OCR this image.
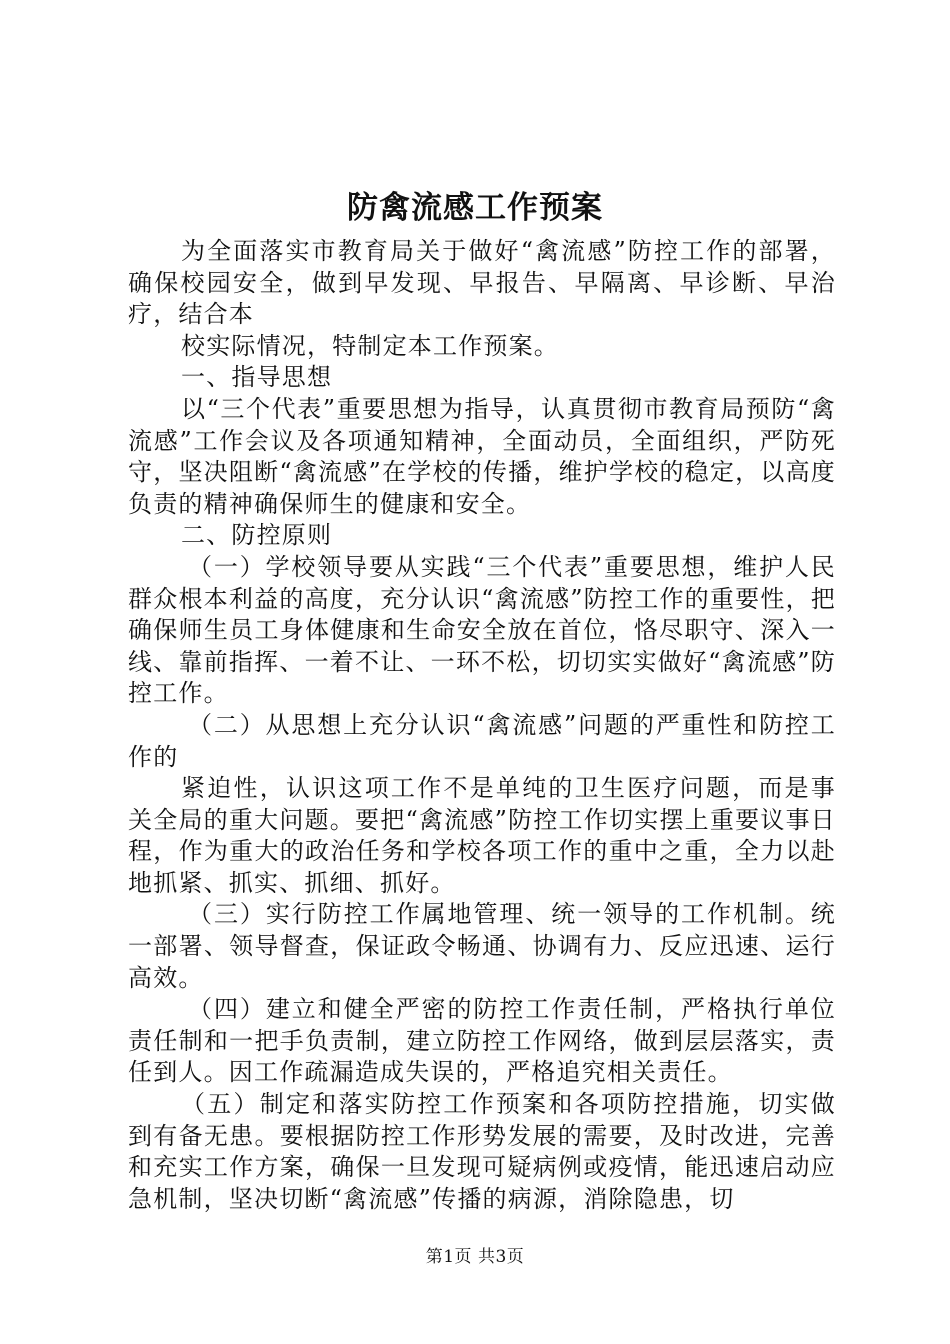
防禽流感工作预案

为全面落实市教育局关于做好“禽流感”防控工作的部署，确保校园安全，做到早发现、早报告、早隔离、早诊断、早治疗，结合本

校实际情况，特制定本工作预案。

一、指导思想

以“三个代表”重要思想为指导，认真贯彻市教育局预防“禽流感”工作会议及各项通知精神，全面动员，全面组织，严防死守，坚决阻断“禽流感”在学校的传播，维护学校的稳定，以高度负责的精神确保师生的健康和安全。

二、防控原则

（一）学校领导要从实践“三个代表”重要思想，维护人民群众根本利益的高度，充分认识“禽流感”防控工作的重要性，把确保师生员工身体健康和生命安全放在首位，恪尽职守、深入一线、靠前指挥、一着不让、一环不松，切切实实做好“禽流感”防控工作。

（二）从思想上充分认识“禽流感”问题的严重性和防控工作的

紧迫性，认识这项工作不是单纯的卫生医疗问题，而是事关全局的重大问题。要把“禽流感”防控工作切实摆上重要议事日程，作为重大的政治任务和学校各项工作的重中之重，全力以赴地抓紧、抓实、抓细、抓好。

（三）实行防控工作属地管理、统一领导的工作机制。统一部署、领导督查，保证政令畅通、协调有力、反应迅速、运行高效。

（四）建立和健全严密的防控工作责任制，严格执行单位责任制和一把手负责制，建立防控工作网络，做到层层落实，责任到人。因工作疏漏造成失误的，严格追究相关责任。

（五）制定和落实防控工作预案和各项防控措施，切实做到有备无患。要根据防控工作形势发展的需要，及时改进，完善和充实工作方案，确保一旦发现可疑病例或疫情，能迅速启动应急机制，坚决切断“禽流感”传播的病源，消除隐患，切

第1页 共3页
